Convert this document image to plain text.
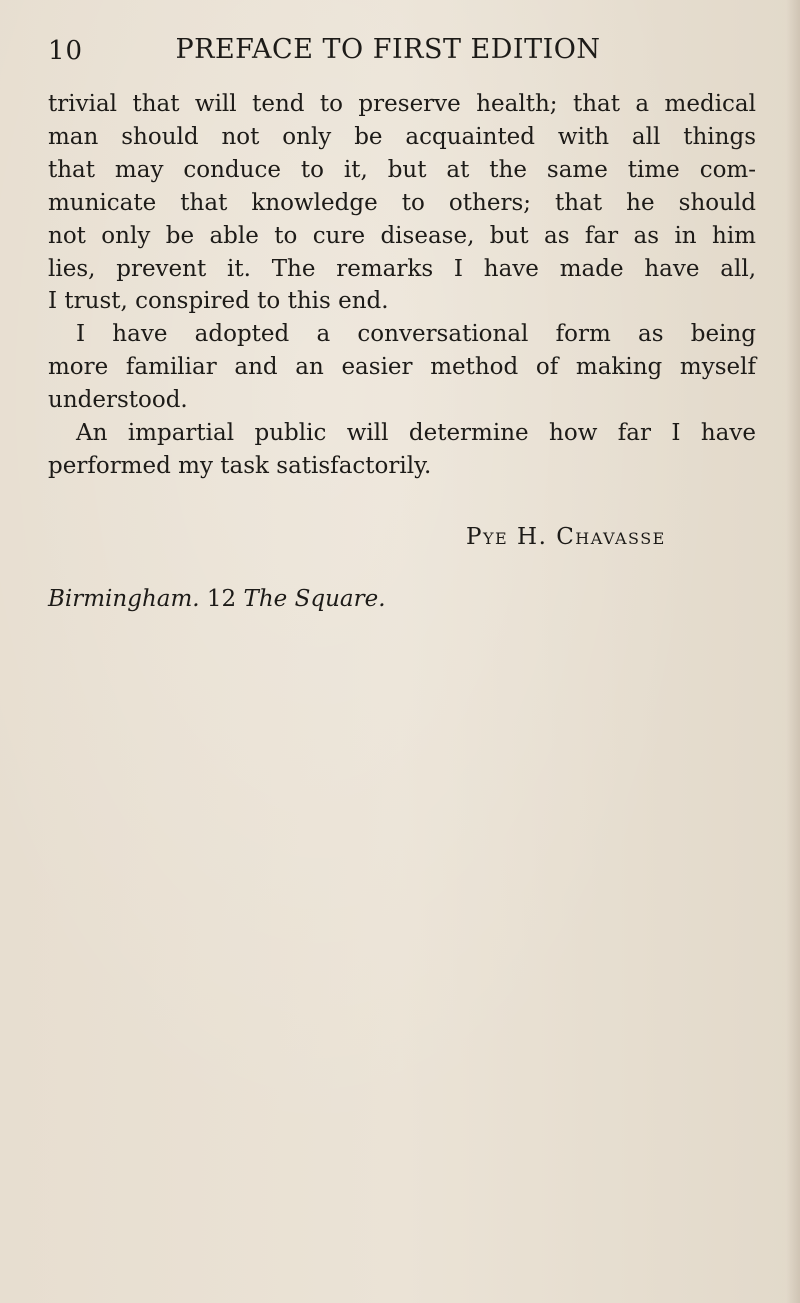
10	PREFACE TO FIRST EDITION

trivial that will tend to preserve health; that a medical
man should not only be acquainted with all things
that may conduce to it, but at the same time com-
municate that knowledge to others; that he should
not only be able to cure disease, but as far as in him
lies, prevent it. The remarks I have made have all,
I trust, conspired to this end.

I have adopted a conversational form as being
more familiar and an easier method of making myself
understood.

An impartial public will determine how far I have
performed my task satisfactorily.

Pye H. Chavasse
Birmingham. 12 The Square.
